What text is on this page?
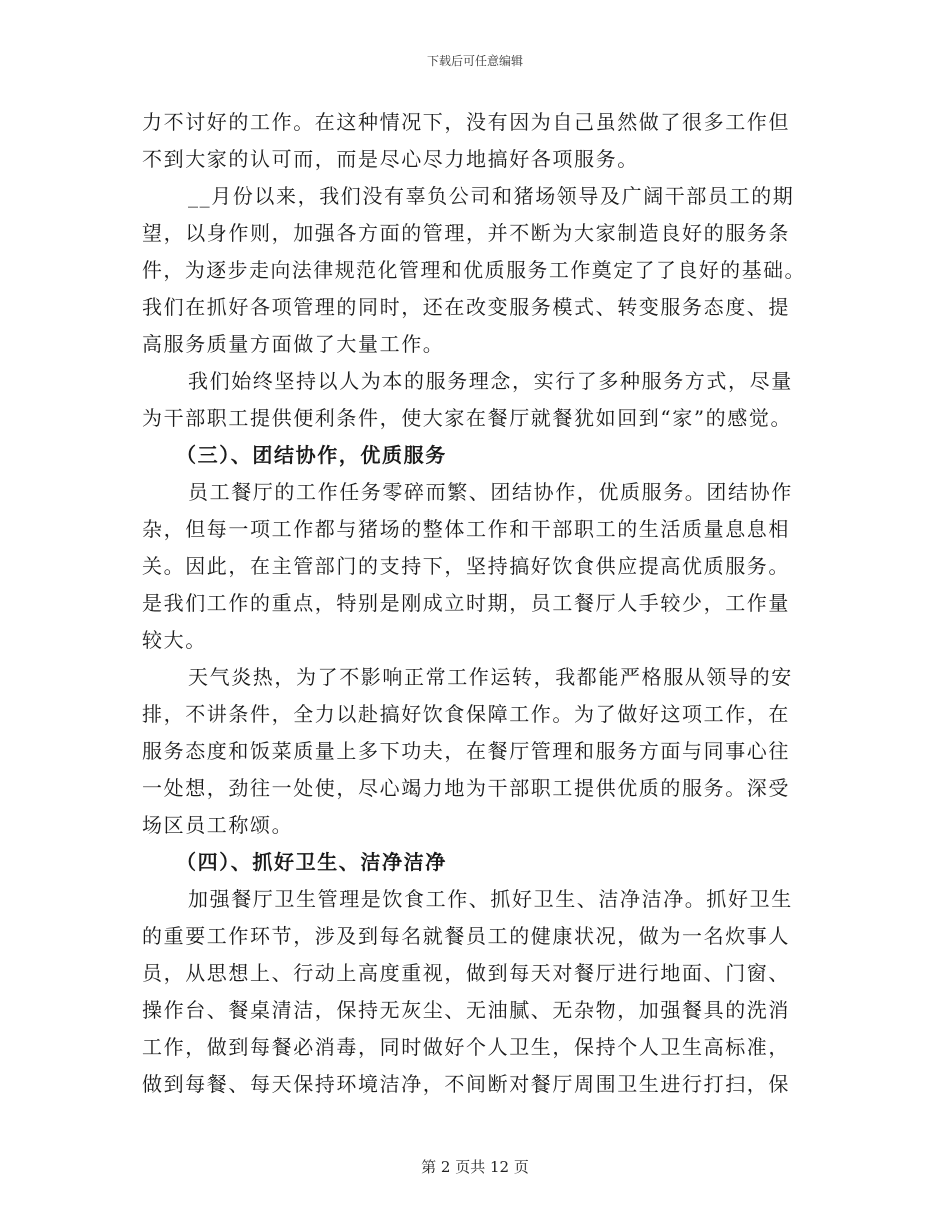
下载后可任意编辑
力不讨好的工作。在这种情况下，没有因为自己虽然做了很多工作但
不到大家的认可而，而是尽心尽力地搞好各项服务。
__月份以来，我们没有辜负公司和猪场领导及广阔干部员工的期
望，以身作则，加强各方面的管理，并不断为大家制造良好的服务条
件，为逐步走向法律规范化管理和优质服务工作奠定了了良好的基础。
我们在抓好各项管理的同时，还在改变服务模式、转变服务态度、提
高服务质量方面做了大量工作。
我们始终坚持以人为本的服务理念，实行了多种服务方式，尽量
为干部职工提供便利条件，使大家在餐厅就餐犹如回到“家”的感觉。
（三）、团结协作，优质服务
员工餐厅的工作任务零碎而繁、团结协作，优质服务。团结协作
杂，但每一项工作都与猪场的整体工作和干部职工的生活质量息息相
关。因此，在主管部门的支持下，坚持搞好饮食供应提高优质服务。
是我们工作的重点，特别是刚成立时期，员工餐厅人手较少，工作量
较大。
天气炎热，为了不影响正常工作运转，我都能严格服从领导的安
排，不讲条件，全力以赴搞好饮食保障工作。为了做好这项工作，在
服务态度和饭菜质量上多下功夫，在餐厅管理和服务方面与同事心往
一处想，劲往一处使，尽心竭力地为干部职工提供优质的服务。深受
场区员工称颂。
（四）、抓好卫生、洁净洁净
加强餐厅卫生管理是饮食工作、抓好卫生、洁净洁净。抓好卫生
的重要工作环节，涉及到每名就餐员工的健康状况，做为一名炊事人
员，从思想上、行动上高度重视，做到每天对餐厅进行地面、门窗、
操作台、餐桌清洁，保持无灰尘、无油腻、无杂物，加强餐具的洗消
工作，做到每餐必消毒，同时做好个人卫生，保持个人卫生高标准，
做到每餐、每天保持环境洁净，不间断对餐厅周围卫生进行打扫，保
第 2 页共 12 页
